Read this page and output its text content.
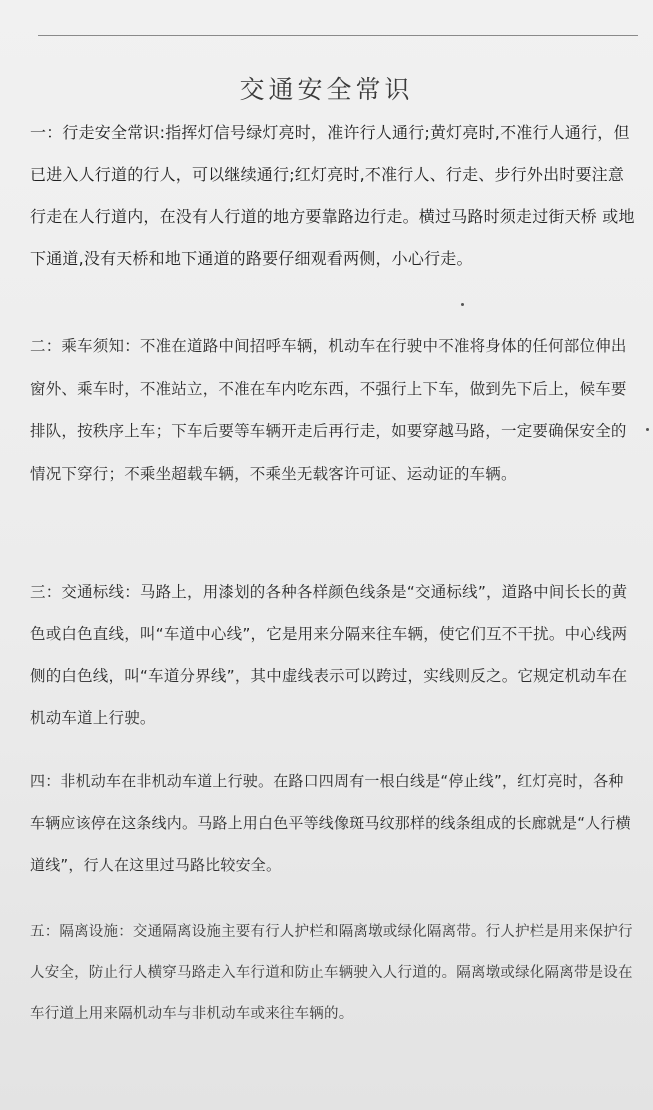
交通安全常识

一：行走安全常识:指挥灯信号绿灯亮时，准许行人通行;黄灯亮时,不准行人通行，但已进入人行道的行人，可以继续通行;红灯亮时,不准行人、行走、步行外出时要注意行走在人行道内，在没有人行道的地方要靠路边行走。横过马路时须走过街天桥 或地下通道,没有天桥和地下通道的路要仔细观看两侧，小心行走。

二：乘车须知：不准在道路中间招呼车辆，机动车在行驶中不准将身体的任何部位伸出窗外、乘车时，不准站立，不准在车内吃东西，不强行上下车，做到先下后上，候车要排队，按秩序上车；下车后要等车辆开走后再行走，如要穿越马路，一定要确保安全的情况下穿行；不乘坐超载车辆，不乘坐无载客许可证、运动证的车辆。

三：交通标线：马路上，用漆划的各种各样颜色线条是“交通标线”，道路中间长长的黄色或白色直线，叫“车道中心线”，它是用来分隔来往车辆，使它们互不干扰。中心线两侧的白色线，叫“车道分界线”，其中虚线表示可以跨过，实线则反之。它规定机动车在机动车道上行驶。

四：非机动车在非机动车道上行驶。在路口四周有一根白线是“停止线”，红灯亮时，各种车辆应该停在这条线内。马路上用白色平等线像斑马纹那样的线条组成的长廊就是“人行横道线”，行人在这里过马路比较安全。

五：隔离设施：交通隔离设施主要有行人护栏和隔离墩或绿化隔离带。行人护栏是用来保护行人安全，防止行人横穿马路走入车行道和防止车辆驶入人行道的。隔离墩或绿化隔离带是设在车行道上用来隔机动车与非机动车或来往车辆的。
